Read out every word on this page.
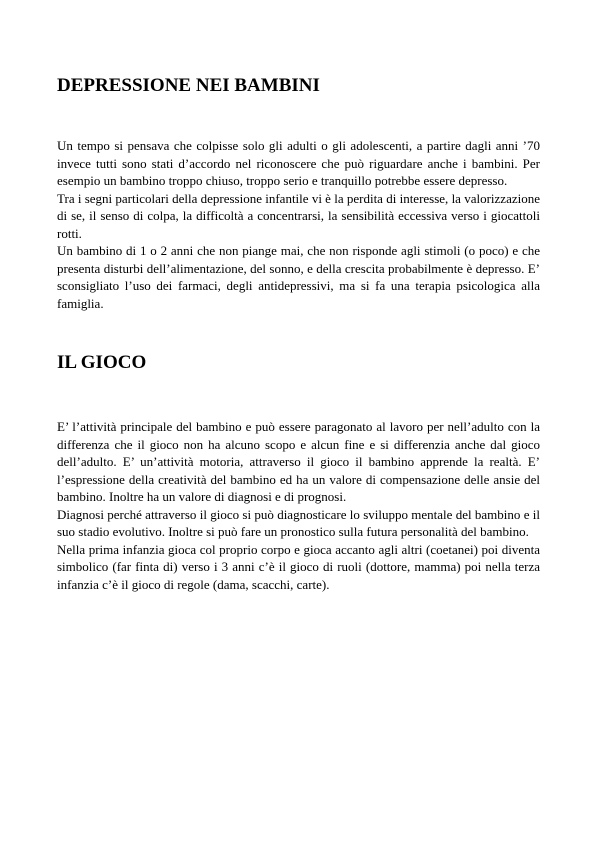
DEPRESSIONE NEI BAMBINI

Un tempo si pensava che colpisse solo gli adulti o gli adolescenti, a partire dagli anni ’70 invece tutti sono stati d’accordo nel riconoscere che può riguardare anche i bambini. Per esempio un bambino troppo chiuso, troppo serio e tranquillo potrebbe essere depresso.

Tra i segni particolari della depressione infantile vi è la perdita di interesse, la valorizzazione di se, il senso di colpa, la difficoltà a concentrarsi, la sensibilità eccessiva verso i giocattoli rotti.

Un bambino di 1 o 2 anni che non piange mai, che non risponde agli stimoli (o poco) e che presenta disturbi dell’alimentazione, del sonno, e della crescita probabilmente è depresso. E’ sconsigliato l’uso dei farmaci, degli antidepressivi, ma si fa una terapia psicologica alla famiglia.

IL GIOCO

E’ l’attività principale del bambino e può essere paragonato al lavoro per nell’adulto con la differenza che il gioco non ha alcuno scopo e alcun fine e si differenzia anche dal gioco dell’adulto. E’ un’attività motoria, attraverso il gioco il bambino apprende la realtà. E’ l’espressione della creatività del bambino ed ha un valore di compensazione delle ansie del bambino. Inoltre ha un valore di diagnosi e di prognosi.

Diagnosi perché attraverso il gioco si può diagnosticare lo sviluppo mentale del bambino e il suo stadio evolutivo. Inoltre si può fare un pronostico sulla futura personalità del bambino.

Nella prima infanzia gioca col proprio corpo e gioca accanto agli altri (coetanei) poi diventa simbolico (far finta di) verso i 3 anni c’è il gioco di ruoli (dottore, mamma) poi nella terza infanzia c’è il gioco di regole (dama, scacchi, carte).
